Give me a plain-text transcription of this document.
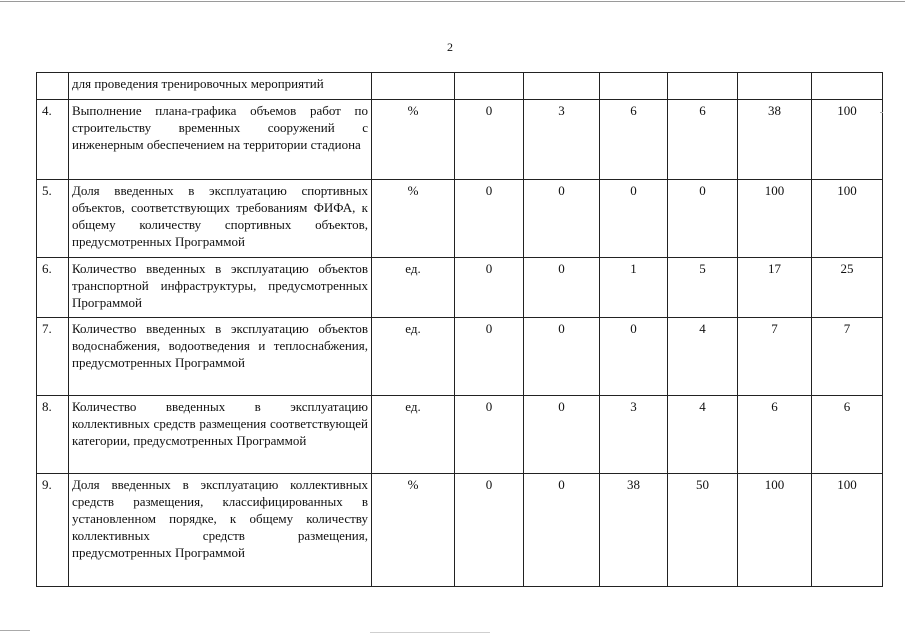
2
	для проведения тренировочных мероприятий							
4.	Выполнение плана-графика объемов работ по строительству временных сооружений с инженерным обеспечением на территории стадиона	%	0	3	6	6	38	100
5.	Доля введенных в эксплуатацию спортивных объектов, соответствующих требованиям ФИФА, к общему количеству спортивных объектов, предусмотренных Программой	%	0	0	0	0	100	100
6.	Количество введенных в эксплуатацию объектов транспортной инфраструктуры, предусмотренных Программой	ед.	0	0	1	5	17	25
7.	Количество введенных в эксплуатацию объектов водоснабжения, водоотведения и теплоснабжения, предусмотренных Программой	ед.	0	0	0	4	7	7
8.	Количество введенных в эксплуатацию коллективных средств размещения соответствующей категории, предусмотренных Программой	ед.	0	0	3	4	6	6
9.	Доля введенных в эксплуатацию коллективных средств размещения, классифицированных в установленном порядке, к общему количеству коллективных средств размещения, предусмотренных Программой	%	0	0	38	50	100	100
